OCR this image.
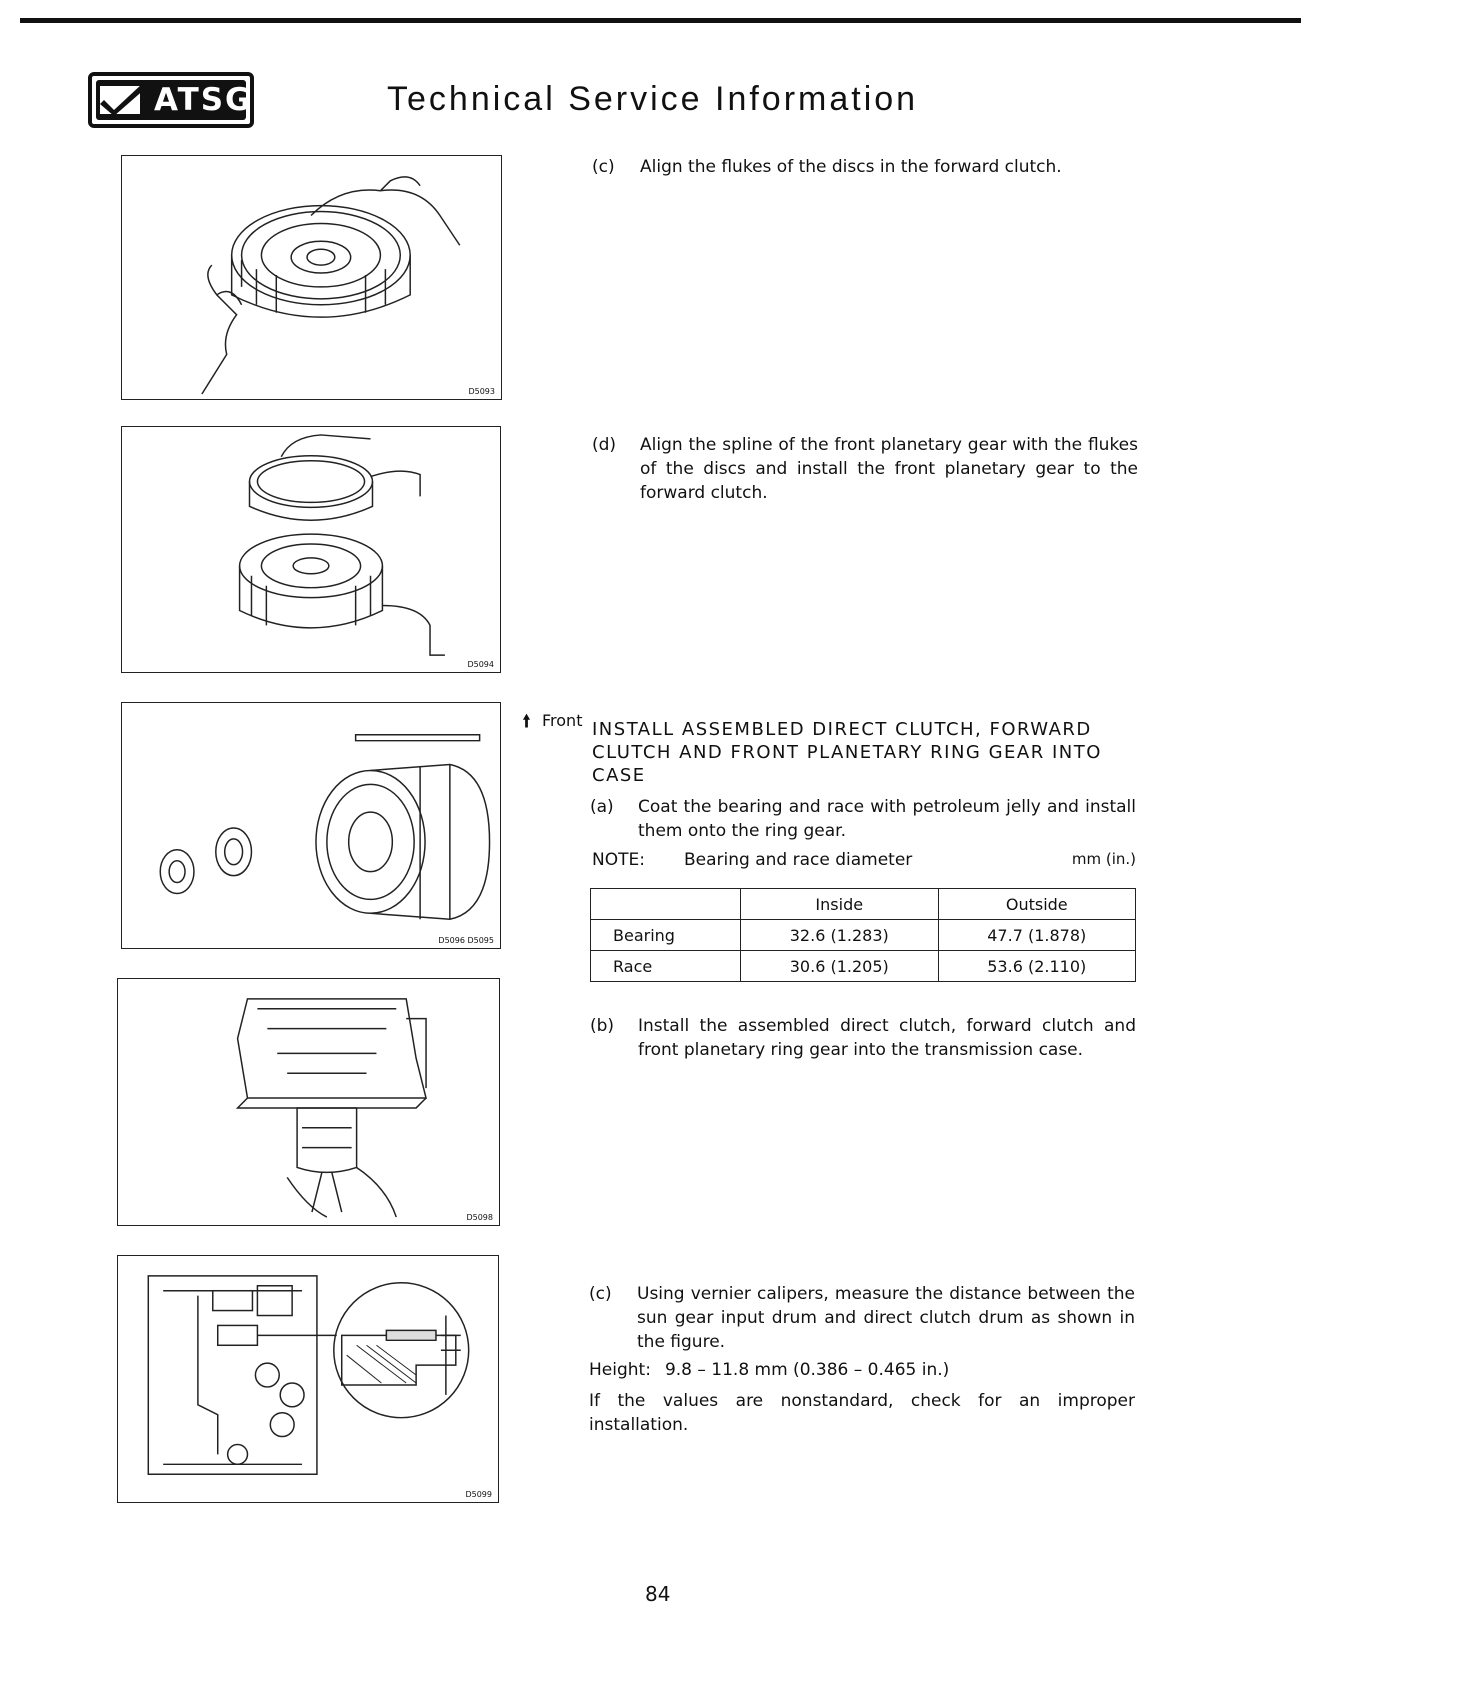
ATSG	Technical Service Information
D5093
D5094
🠙 Front
D5096 D5095
D5098
D5099
(c) Align the flukes of the discs in the forward clutch.
(d) Align the spline of the front planetary gear with the flukes of the discs and install the front planetary gear to the forward clutch.
INSTALL ASSEMBLED DIRECT CLUTCH, FORWARD CLUTCH AND FRONT PLANETARY RING GEAR INTO CASE
(a) Coat the bearing and race with petroleum jelly and install them onto the ring gear.
NOTE: Bearing and race diameter	mm (in.)
	Inside	Outside
Bearing	32.6 (1.283)	47.7 (1.878)
Race	30.6 (1.205)	53.6 (2.110)
(b) Install the assembled direct clutch, forward clutch and front planetary ring gear into the transmission case.
(c) Using vernier calipers, measure the distance between the sun gear input drum and direct clutch drum as shown in the figure.
Height: 9.8 – 11.8 mm (0.386 – 0.465 in.)
If the values are nonstandard, check for an improper installation.
84
